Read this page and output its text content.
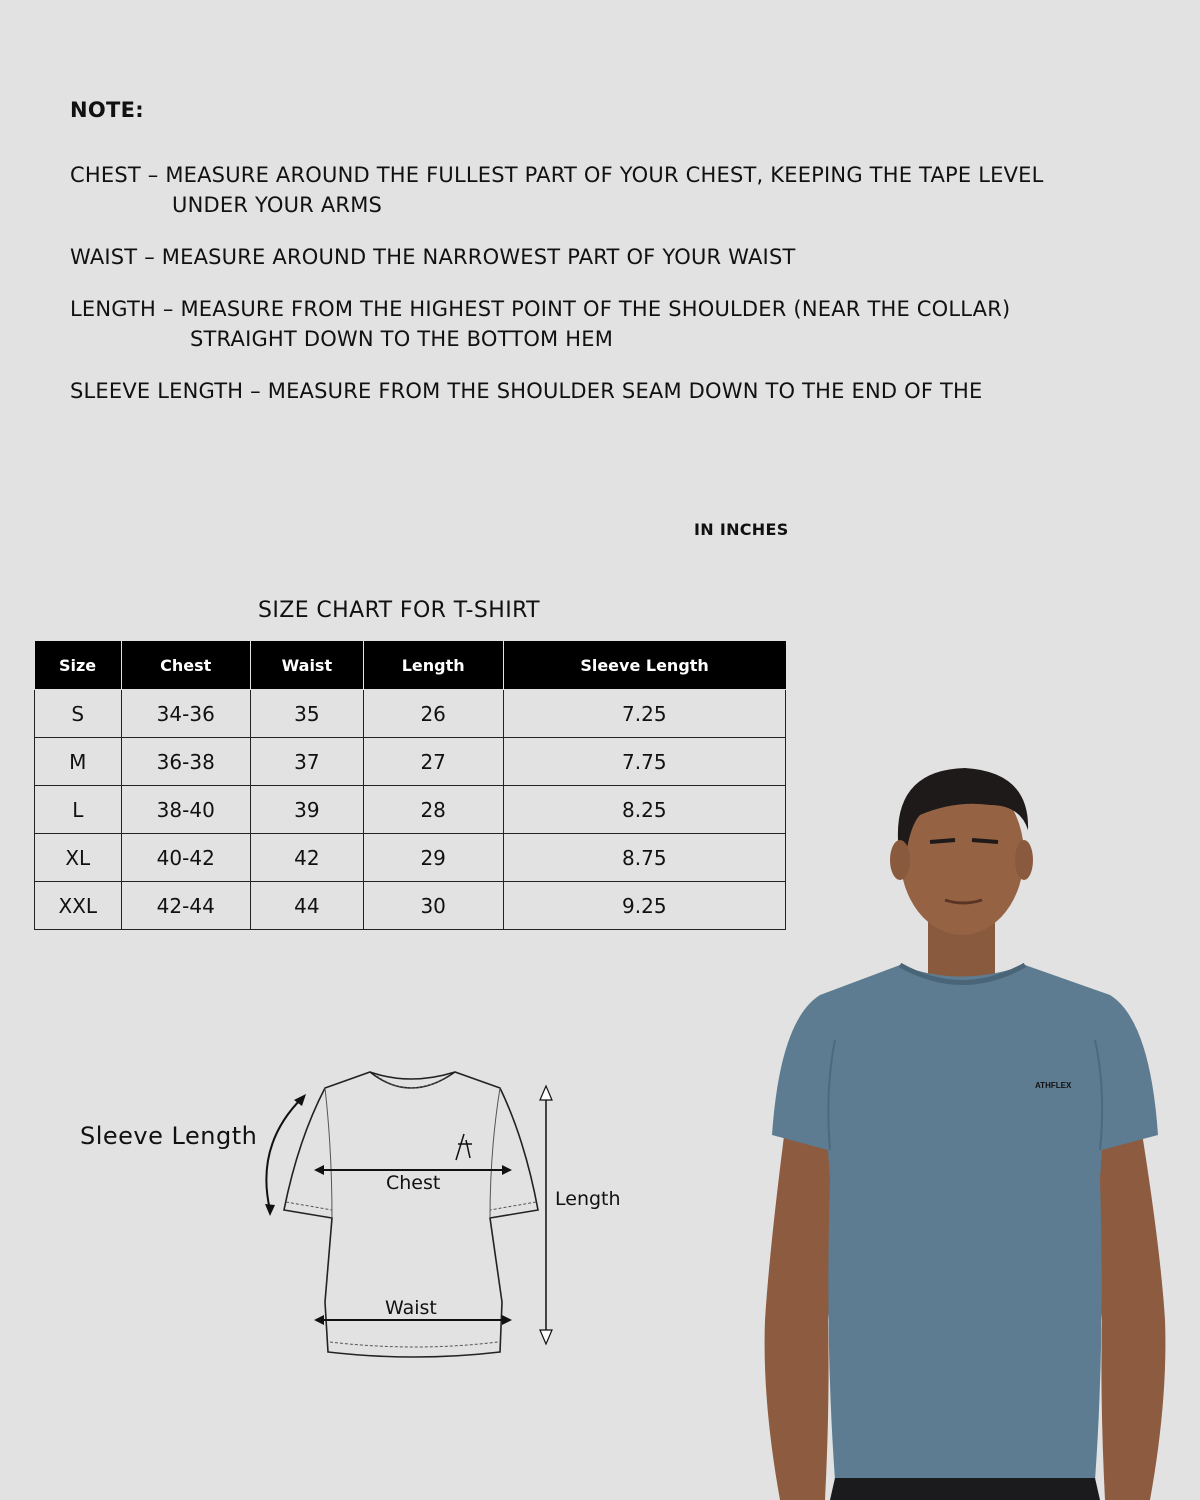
NOTE:
CHEST – MEASURE AROUND THE FULLEST PART OF YOUR CHEST, KEEPING THE TAPE LEVEL
UNDER YOUR ARMS
WAIST – MEASURE AROUND THE NARROWEST PART OF YOUR WAIST
LENGTH – MEASURE FROM THE HIGHEST POINT OF THE SHOULDER (NEAR THE COLLAR)
STRAIGHT DOWN TO THE BOTTOM HEM
SLEEVE LENGTH – MEASURE FROM THE SHOULDER SEAM DOWN TO THE END OF THE
IN INCHES
SIZE CHART FOR T-SHIRT
Size	Chest	Waist	Length	Sleeve Length
S	34-36	35	26	7.25
M	36-38	37	27	7.75
L	38-40	39	28	8.25
XL	40-42	42	29	8.75
XXL	42-44	44	30	9.25
Sleeve Length
Chest
Waist
Length
ATHFLEX
